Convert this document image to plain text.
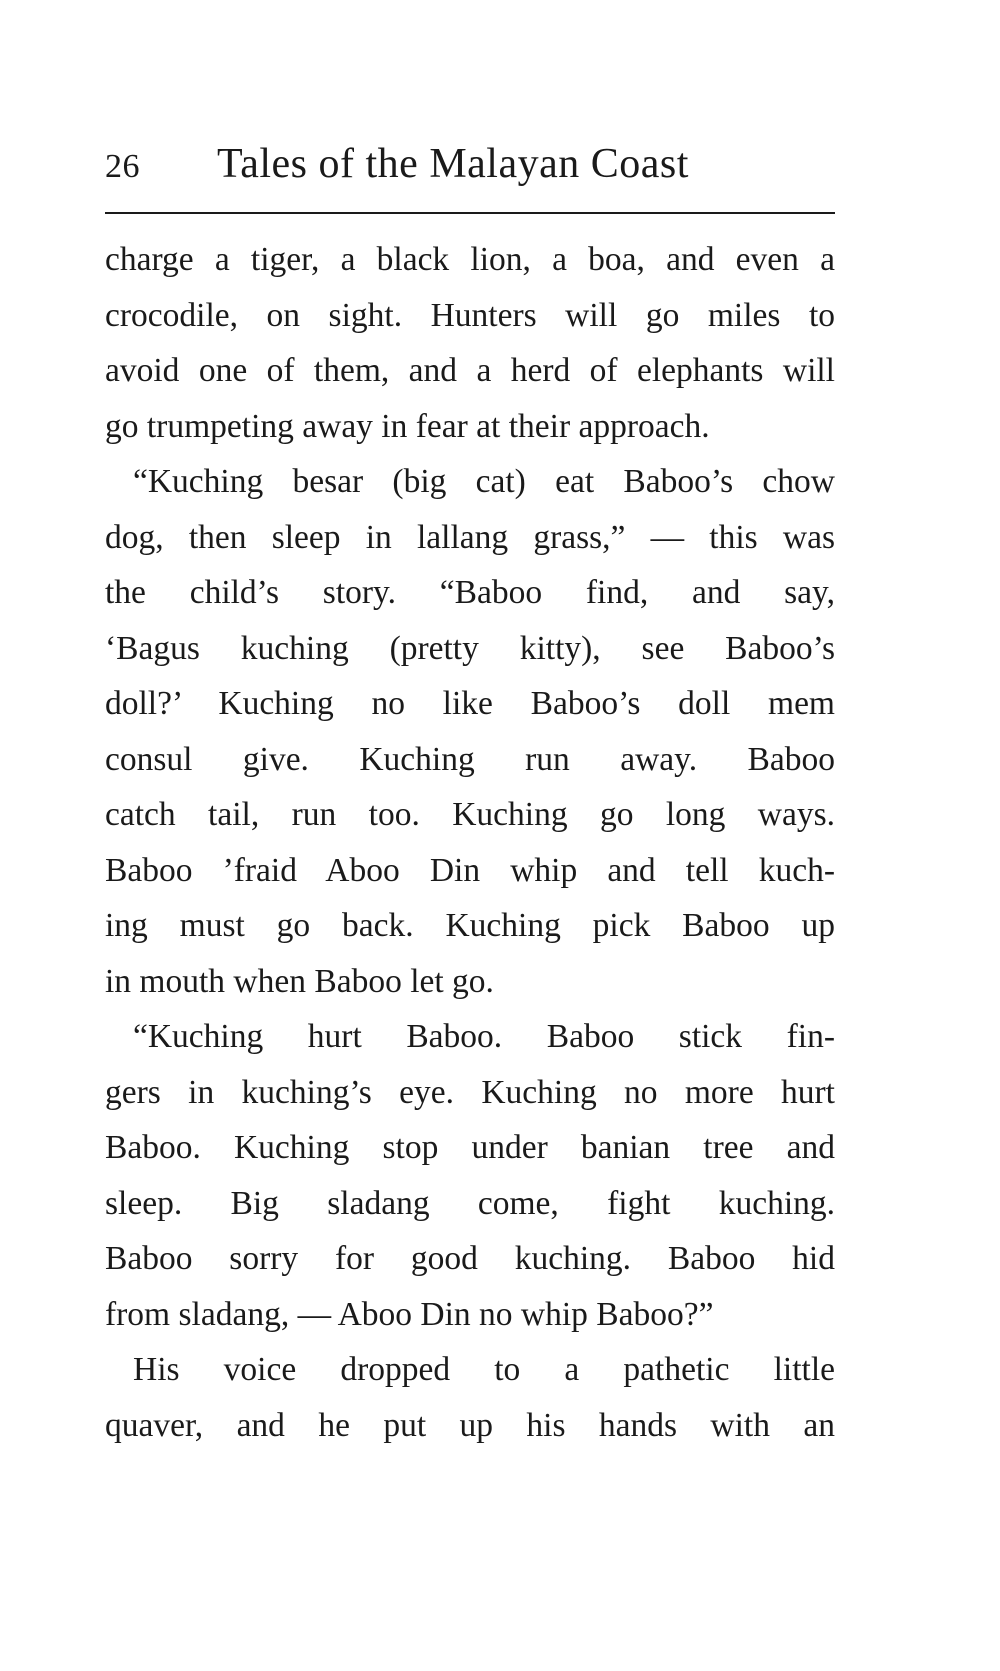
26	Tales of the Malayan Coast
charge a tiger, a black lion, a boa, and even a
crocodile, on sight. Hunters will go miles to
avoid one of them, and a herd of elephants will
go trumpeting away in fear at their approach.
“Kuching besar (big cat) eat Baboo’s chow
dog, then sleep in lallang grass,” — this was
the child’s story. “Baboo find, and say,
‘Bagus kuching (pretty kitty), see Baboo’s
doll?’ Kuching no like Baboo’s doll mem
consul give. Kuching run away. Baboo
catch tail, run too. Kuching go long ways.
Baboo ’fraid Aboo Din whip and tell kuch-
ing must go back. Kuching pick Baboo up
in mouth when Baboo let go.
“Kuching hurt Baboo. Baboo stick fin-
gers in kuching’s eye. Kuching no more hurt
Baboo. Kuching stop under banian tree and
sleep. Big sladang come, fight kuching.
Baboo sorry for good kuching. Baboo hid
from sladang, — Aboo Din no whip Baboo?”
His voice dropped to a pathetic little
quaver, and he put up his hands with an
